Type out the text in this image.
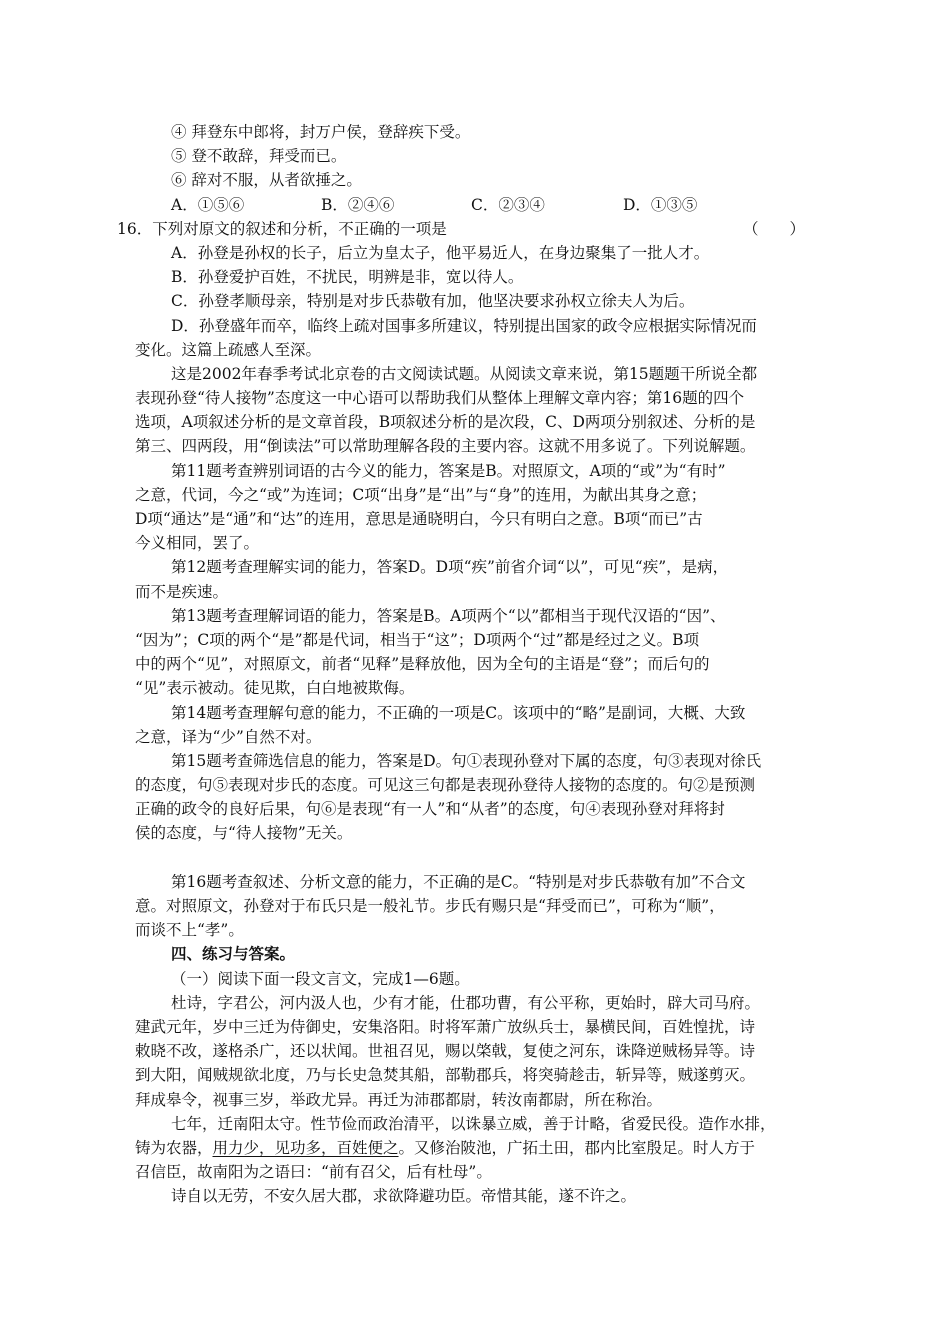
④ 拜登东中郎将，封万户侯，登辞疾下受。
⑤ 登不敢辞，拜受而已。
⑥ 辞对不服，从者欲捶之。
A．①⑤⑥	B．②④⑥	C．②③④	D．①③⑤
16．下列对原文的叙述和分析，不正确的一项是	（　　）
A．孙登是孙权的长子，后立为皇太子，他平易近人，在身边聚集了一批人才。
B．孙登爱护百姓，不扰民，明辨是非，宽以待人。
C．孙登孝顺母亲，特别是对步氏恭敬有加，他坚决要求孙权立徐夫人为后。
D．孙登盛年而卒，临终上疏对国事多所建议，特别提出国家的政令应根据实际情况而
变化。这篇上疏感人至深。
这是2002年春季考试北京卷的古文阅读试题。从阅读文章来说，第15题题干所说全都
表现孙登“待人接物”态度这一中心语可以帮助我们从整体上理解文章内容；第16题的四个
选项，A项叙述分析的是文章首段，B项叙述分析的是次段，C、D两项分别叙述、分析的是
第三、四两段，用“倒读法”可以常助理解各段的主要内容。这就不用多说了。下列说解题。
第11题考查辨别词语的古今义的能力，答案是B。对照原文，A项的“或”为“有时”
之意，代词，今之“或”为连词；C项“出身”是“出”与“身”的连用，为献出其身之意；
D项“通达”是“通”和“达”的连用，意思是通晓明白，今只有明白之意。B项“而已”古
今义相同，罢了。
第12题考查理解实词的能力，答案D。D项“疾”前省介词“以”，可见“疾”，是病，
而不是疾速。
第13题考查理解词语的能力，答案是B。A项两个“以”都相当于现代汉语的“因”、
“因为”；C项的两个“是”都是代词，相当于“这”；D项两个“过”都是经过之义。B项
中的两个“见”，对照原文，前者“见释”是释放他，因为全句的主语是“登”；而后句的
“见”表示被动。徒见欺，白白地被欺侮。
第14题考查理解句意的能力，不正确的一项是C。该项中的“略”是副词，大概、大致
之意，译为“少”自然不对。
第15题考查筛选信息的能力，答案是D。句①表现孙登对下属的态度，句③表现对徐氏
的态度，句⑤表现对步氏的态度。可见这三句都是表现孙登待人接物的态度的。句②是预测
正确的政令的良好后果，句⑥是表现“有一人”和“从者”的态度，句④表现孙登对拜将封
侯的态度，与“待人接物”无关。
第16题考查叙述、分析文意的能力，不正确的是C。“特别是对步氏恭敬有加”不合文
意。对照原文，孙登对于布氏只是一般礼节。步氏有赐只是“拜受而已”，可称为“顺”，
而谈不上“孝”。
四、练习与答案。
（一）阅读下面一段文言文，完成1—6题。
杜诗，字君公，河内汲人也，少有才能，仕郡功曹，有公平称，更始时，辟大司马府。
建武元年，岁中三迁为侍御史，安集洛阳。时将军萧广放纵兵士，暴横民间，百姓惶扰，诗
敕晓不改，遂格杀广，还以状闻。世祖召见，赐以棨戟，复使之河东，诛降逆贼杨异等。诗
到大阳，闻贼规欲北度，乃与长史急焚其船，部勒郡兵，将突骑趁击，斩异等，贼遂剪灭。
拜成皋令，视事三岁，举政尤异。再迁为沛郡都尉，转汝南都尉，所在称治。
七年，迁南阳太守。性节俭而政治清平，以诛暴立威，善于计略，省爱民役。造作水排，
铸为农器，用力少，见功多，百姓便之。又修治陂池，广拓土田，郡内比室殷足。时人方于
召信臣，故南阳为之语曰：“前有召父，后有杜母”。
诗自以无劳，不安久居大郡，求欲降避功臣。帝惜其能，遂不许之。
